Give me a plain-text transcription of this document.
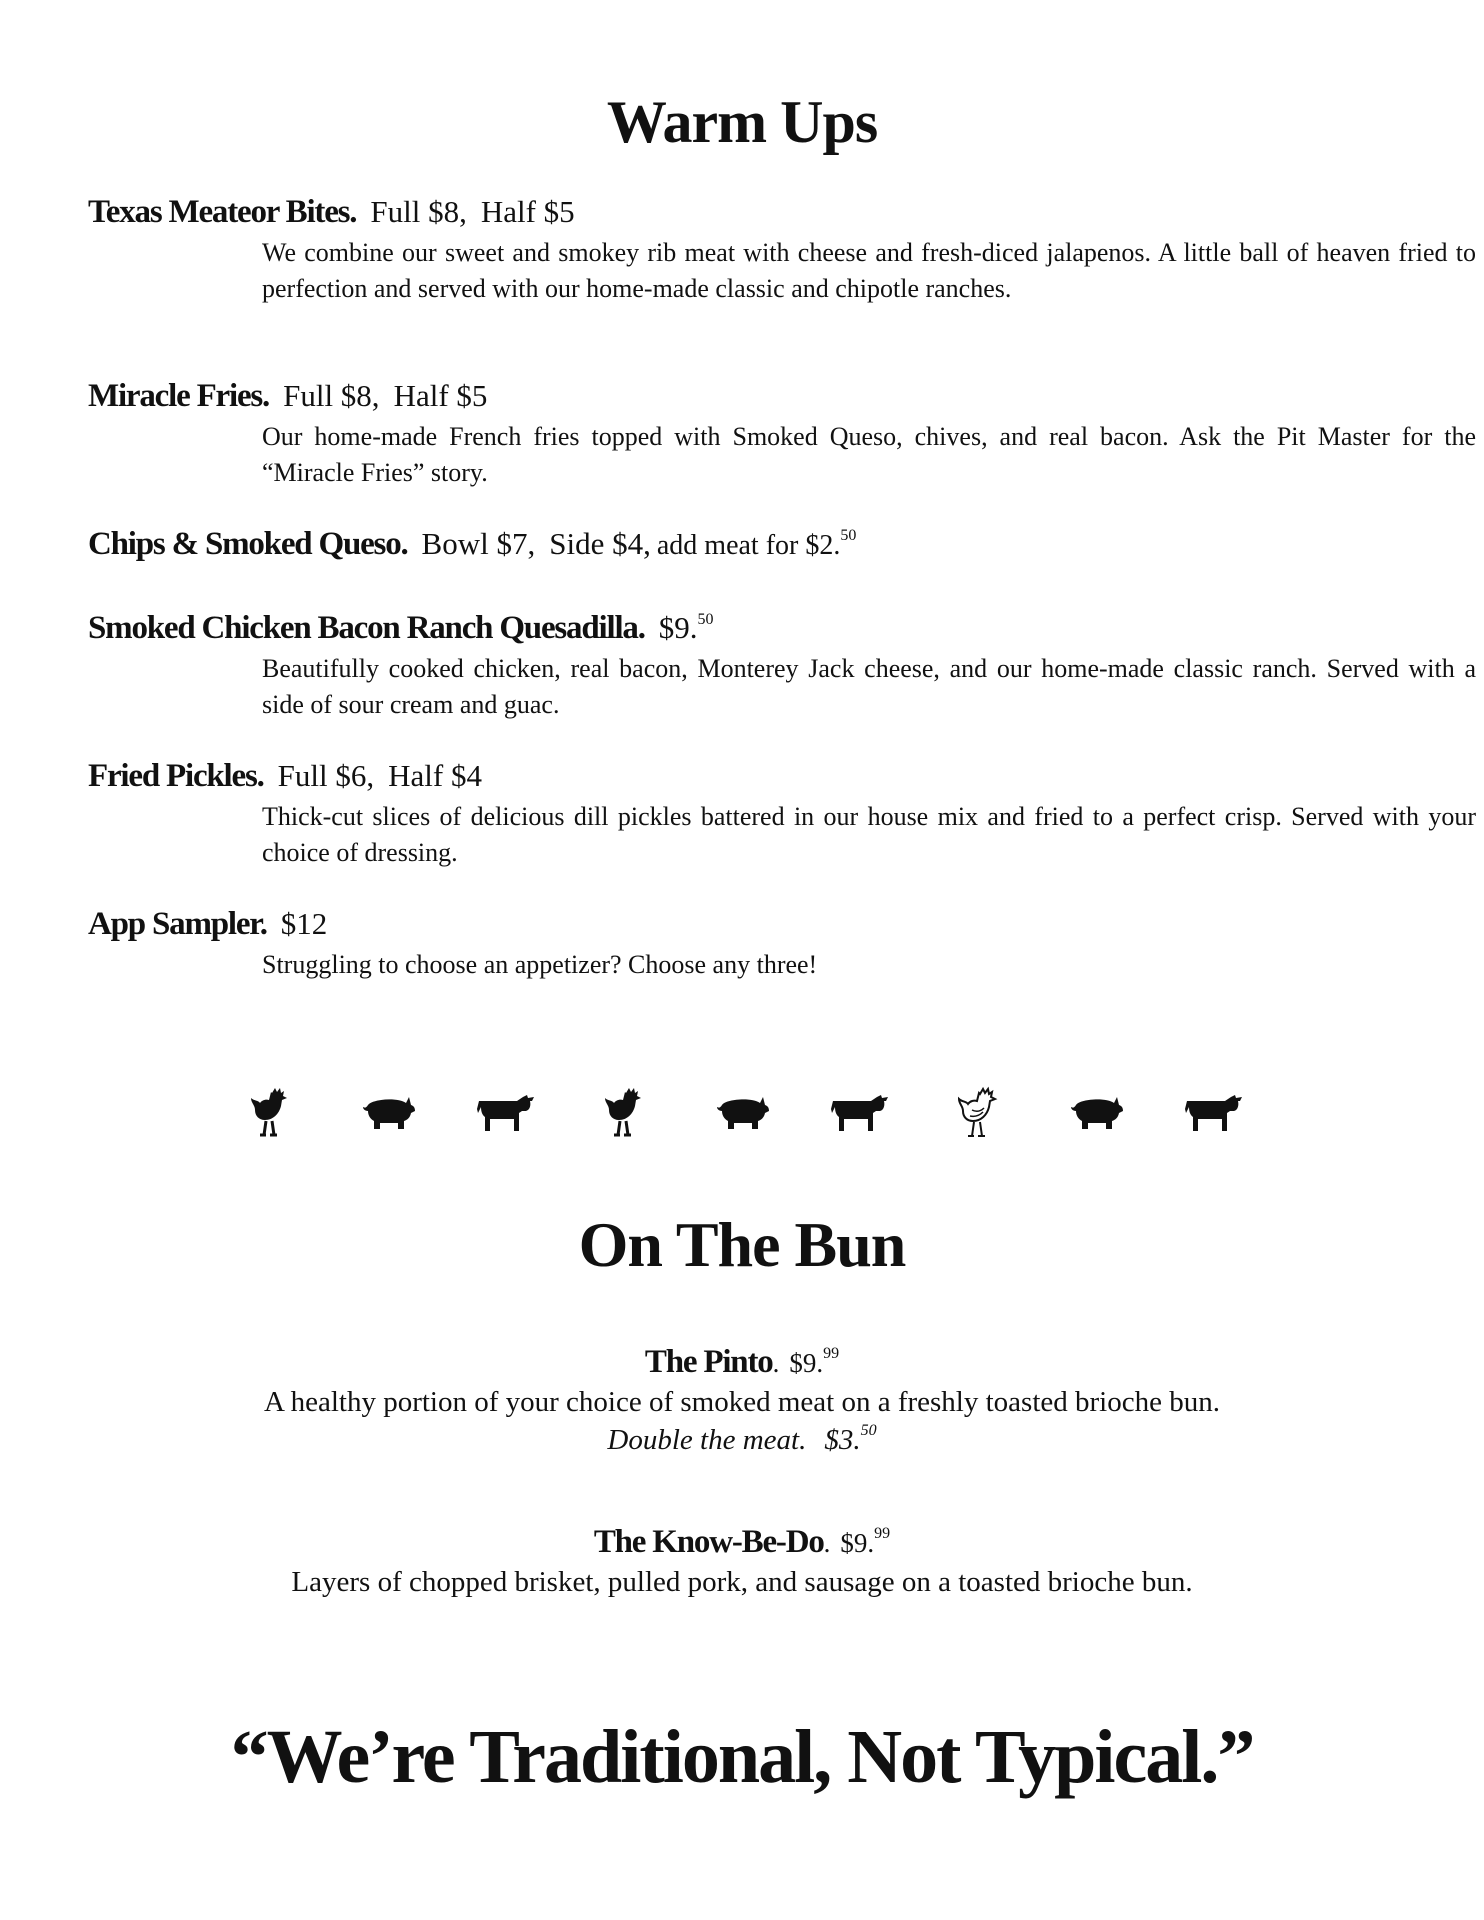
Warm Ups
Texas Meateor Bites. Full $8, Half $5
We combine our sweet and smokey rib meat with cheese and fresh-diced jalapenos. A little ball of heaven fried to perfection and served with our home-made classic and chipotle ranches.
Miracle Fries. Full $8, Half $5
Our home-made French fries topped with Smoked Queso, chives, and real bacon. Ask the Pit Master for the “Miracle Fries” story.
Chips & Smoked Queso. Bowl $7, Side $4, add meat for $2.50
Smoked Chicken Bacon Ranch Quesadilla. $9.50
Beautifully cooked chicken, real bacon, Monterey Jack cheese, and our home-made classic ranch. Served with a side of sour cream and guac.
Fried Pickles. Full $6, Half $4
Thick-cut slices of delicious dill pickles battered in our house mix and fried to a perfect crisp. Served with your choice of dressing.
App Sampler. $12
Struggling to choose an appetizer? Choose any three!
On The Bun
The Pinto. $9.99
A healthy portion of your choice of smoked meat on a freshly toasted brioche bun.
Double the meat. $3.50
The Know-Be-Do. $9.99
Layers of chopped brisket, pulled pork, and sausage on a toasted brioche bun.
“We’re Traditional, Not Typical.”
